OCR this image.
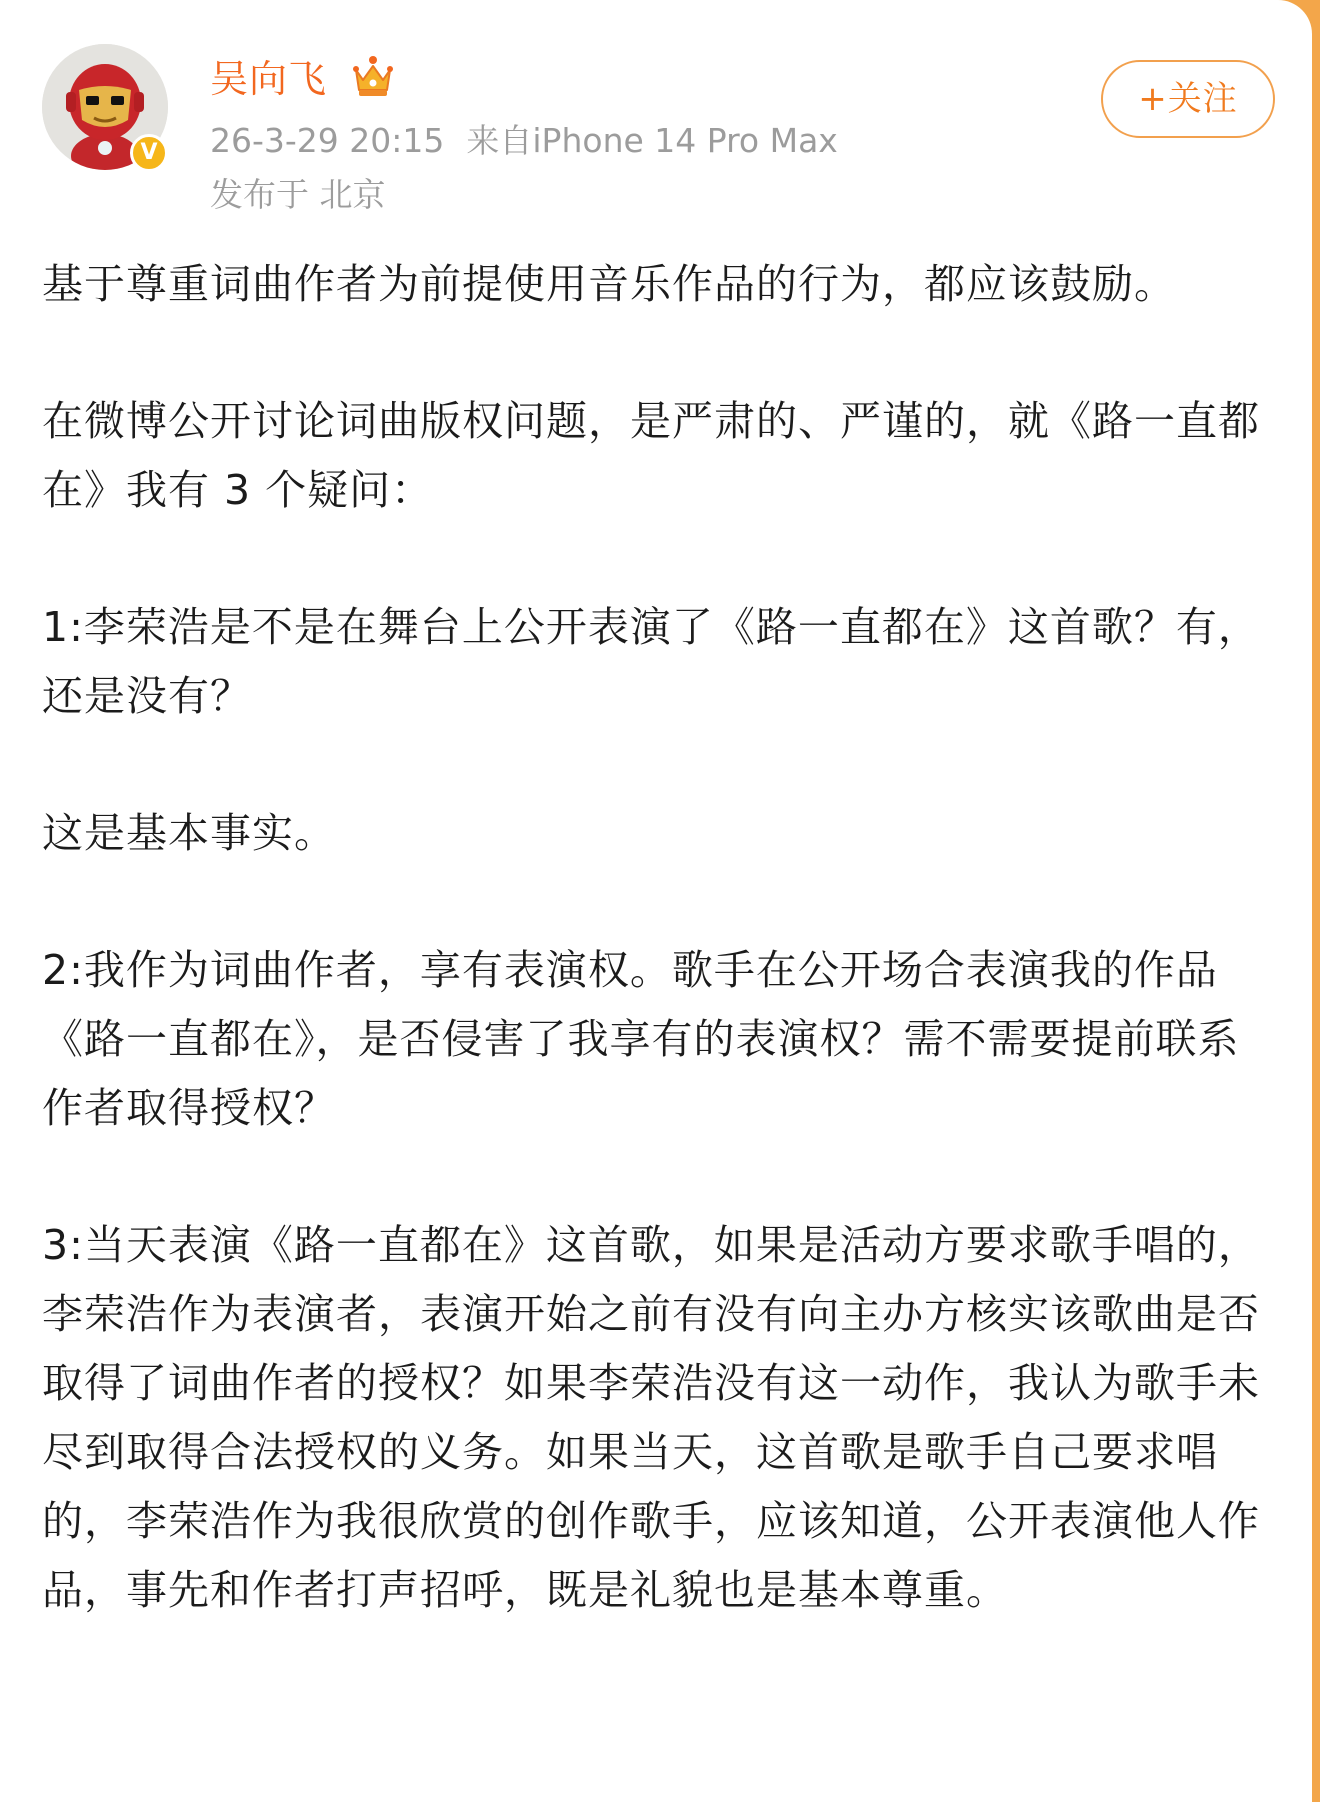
V
吴向飞
26-3-29 20:15 来自iPhone 14 Pro Max
发布于 北京
+关注

基于尊重词曲作者为前提使用音乐作品的行为，都应该鼓励。

在微博公开讨论词曲版权问题，是严肃的、严谨的，就《路一直都在》我有 3 个疑问：

1:李荣浩是不是在舞台上公开表演了《路一直都在》这首歌？有，还是没有？

这是基本事实。

2:我作为词曲作者，享有表演权。歌手在公开场合表演我的作品《路一直都在》，是否侵害了我享有的表演权？需不需要提前联系作者取得授权？

3:当天表演《路一直都在》这首歌，如果是活动方要求歌手唱的，李荣浩作为表演者，表演开始之前有没有向主办方核实该歌曲是否取得了词曲作者的授权？如果李荣浩没有这一动作，我认为歌手未尽到取得合法授权的义务。如果当天，这首歌是歌手自己要求唱的，李荣浩作为我很欣赏的创作歌手，应该知道，公开表演他人作品，事先和作者打声招呼，既是礼貌也是基本尊重。
